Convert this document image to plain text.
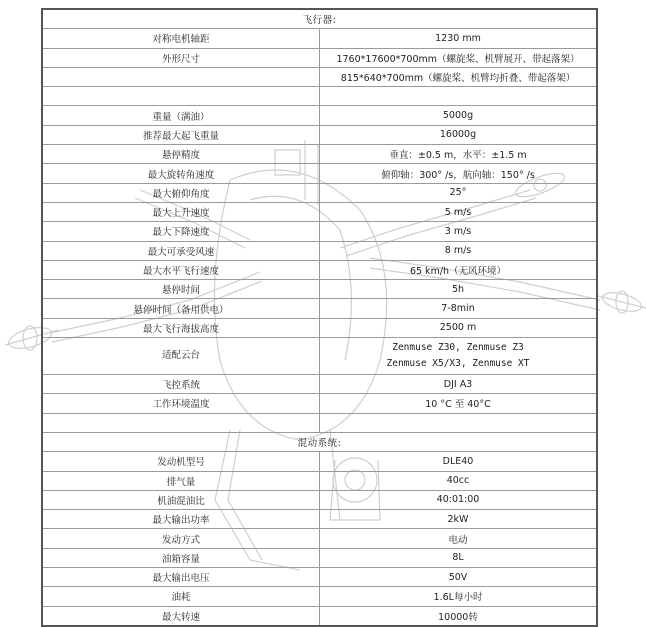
飞行器:	
对称电机轴距	1230 mm
外形尺寸	1760*17600*700mm（螺旋桨、机臂展开、带起落架）
	815*640*700mm（螺旋桨、机臂均折叠、带起落架）

重量（满油）	5000g
推荐最大起飞重量	16000g
悬停精度	垂直：±0.5 m，水平：±1.5 m
最大旋转角速度	俯仰轴：300° /s，航向轴：150° /s
最大俯仰角度	25°
最大上升速度	5 m/s
最大下降速度	3 m/s
最大可承受风速	8 m/s
最大水平飞行速度	65 km/h（无风环境）
悬停时间	5h
悬停时间（备用供电）	7-8min
最大飞行海拔高度	2500 m
适配云台	Zenmuse Z30, Zenmuse Z3
Zenmuse X5/X3, Zenmuse XT

飞控系统	DJI A3
工作环境温度	10 °C 至 40°C

混动系统:	
发动机型号	DLE40
排气量	40cc
机油混油比	40:01:00
最大输出功率	2kW
发动方式	电动
油箱容量	8L
最大输出电压	50V
油耗	1.6L每小时
最大转速	10000转
